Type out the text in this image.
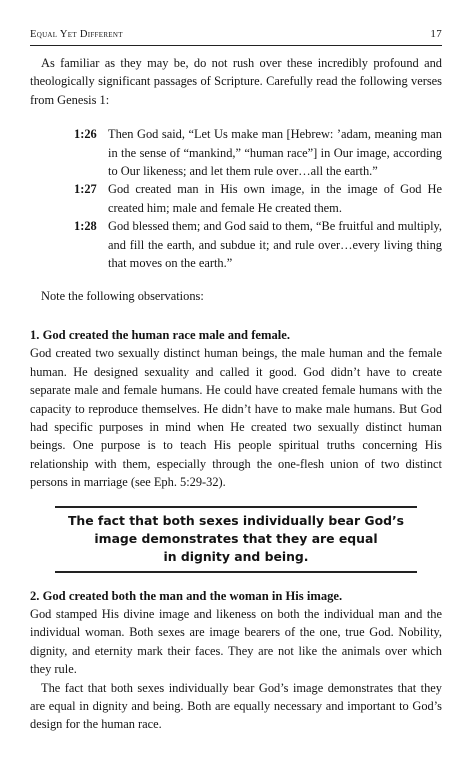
Equal Yet Different	17

As familiar as they may be, do not rush over these incredibly profound and theologically significant passages of Scripture. Carefully read the following verses from Genesis 1:

1:26 Then God said, “Let Us make man [Hebrew: ’adam, meaning man in the sense of “mankind,” “human race”] in Our image, according to Our likeness; and let them rule over…all the earth.”
1:27 God created man in His own image, in the image of God He created him; male and female He created them.
1:28 God blessed them; and God said to them, “Be fruitful and multiply, and fill the earth, and subdue it; and rule over…every living thing that moves on the earth.”

Note the following observations:

1. God created the human race male and female.

God created two sexually distinct human beings, the male human and the female human. He designed sexuality and called it good. God didn’t have to create separate male and female humans. He could have created female humans with the capacity to reproduce themselves. He didn’t have to make male humans. But God had specific purposes in mind when He created two sexually distinct human beings. One purpose is to teach His people spiritual truths concerning His relationship with them, especially through the one-flesh union of two distinct persons in marriage (see Eph. 5:29-32).

The fact that both sexes individually bear God’s
image demonstrates that they are equal
in dignity and being.
2. God created both the man and the woman in His image.

God stamped His divine image and likeness on both the individual man and the individual woman. Both sexes are image bearers of the one, true God. Nobility, dignity, and eternity mark their faces. They are not like the animals over which they rule.

The fact that both sexes individually bear God’s image demonstrates that they are equal in dignity and being. Both are equally necessary and important to God’s design for the human race.
